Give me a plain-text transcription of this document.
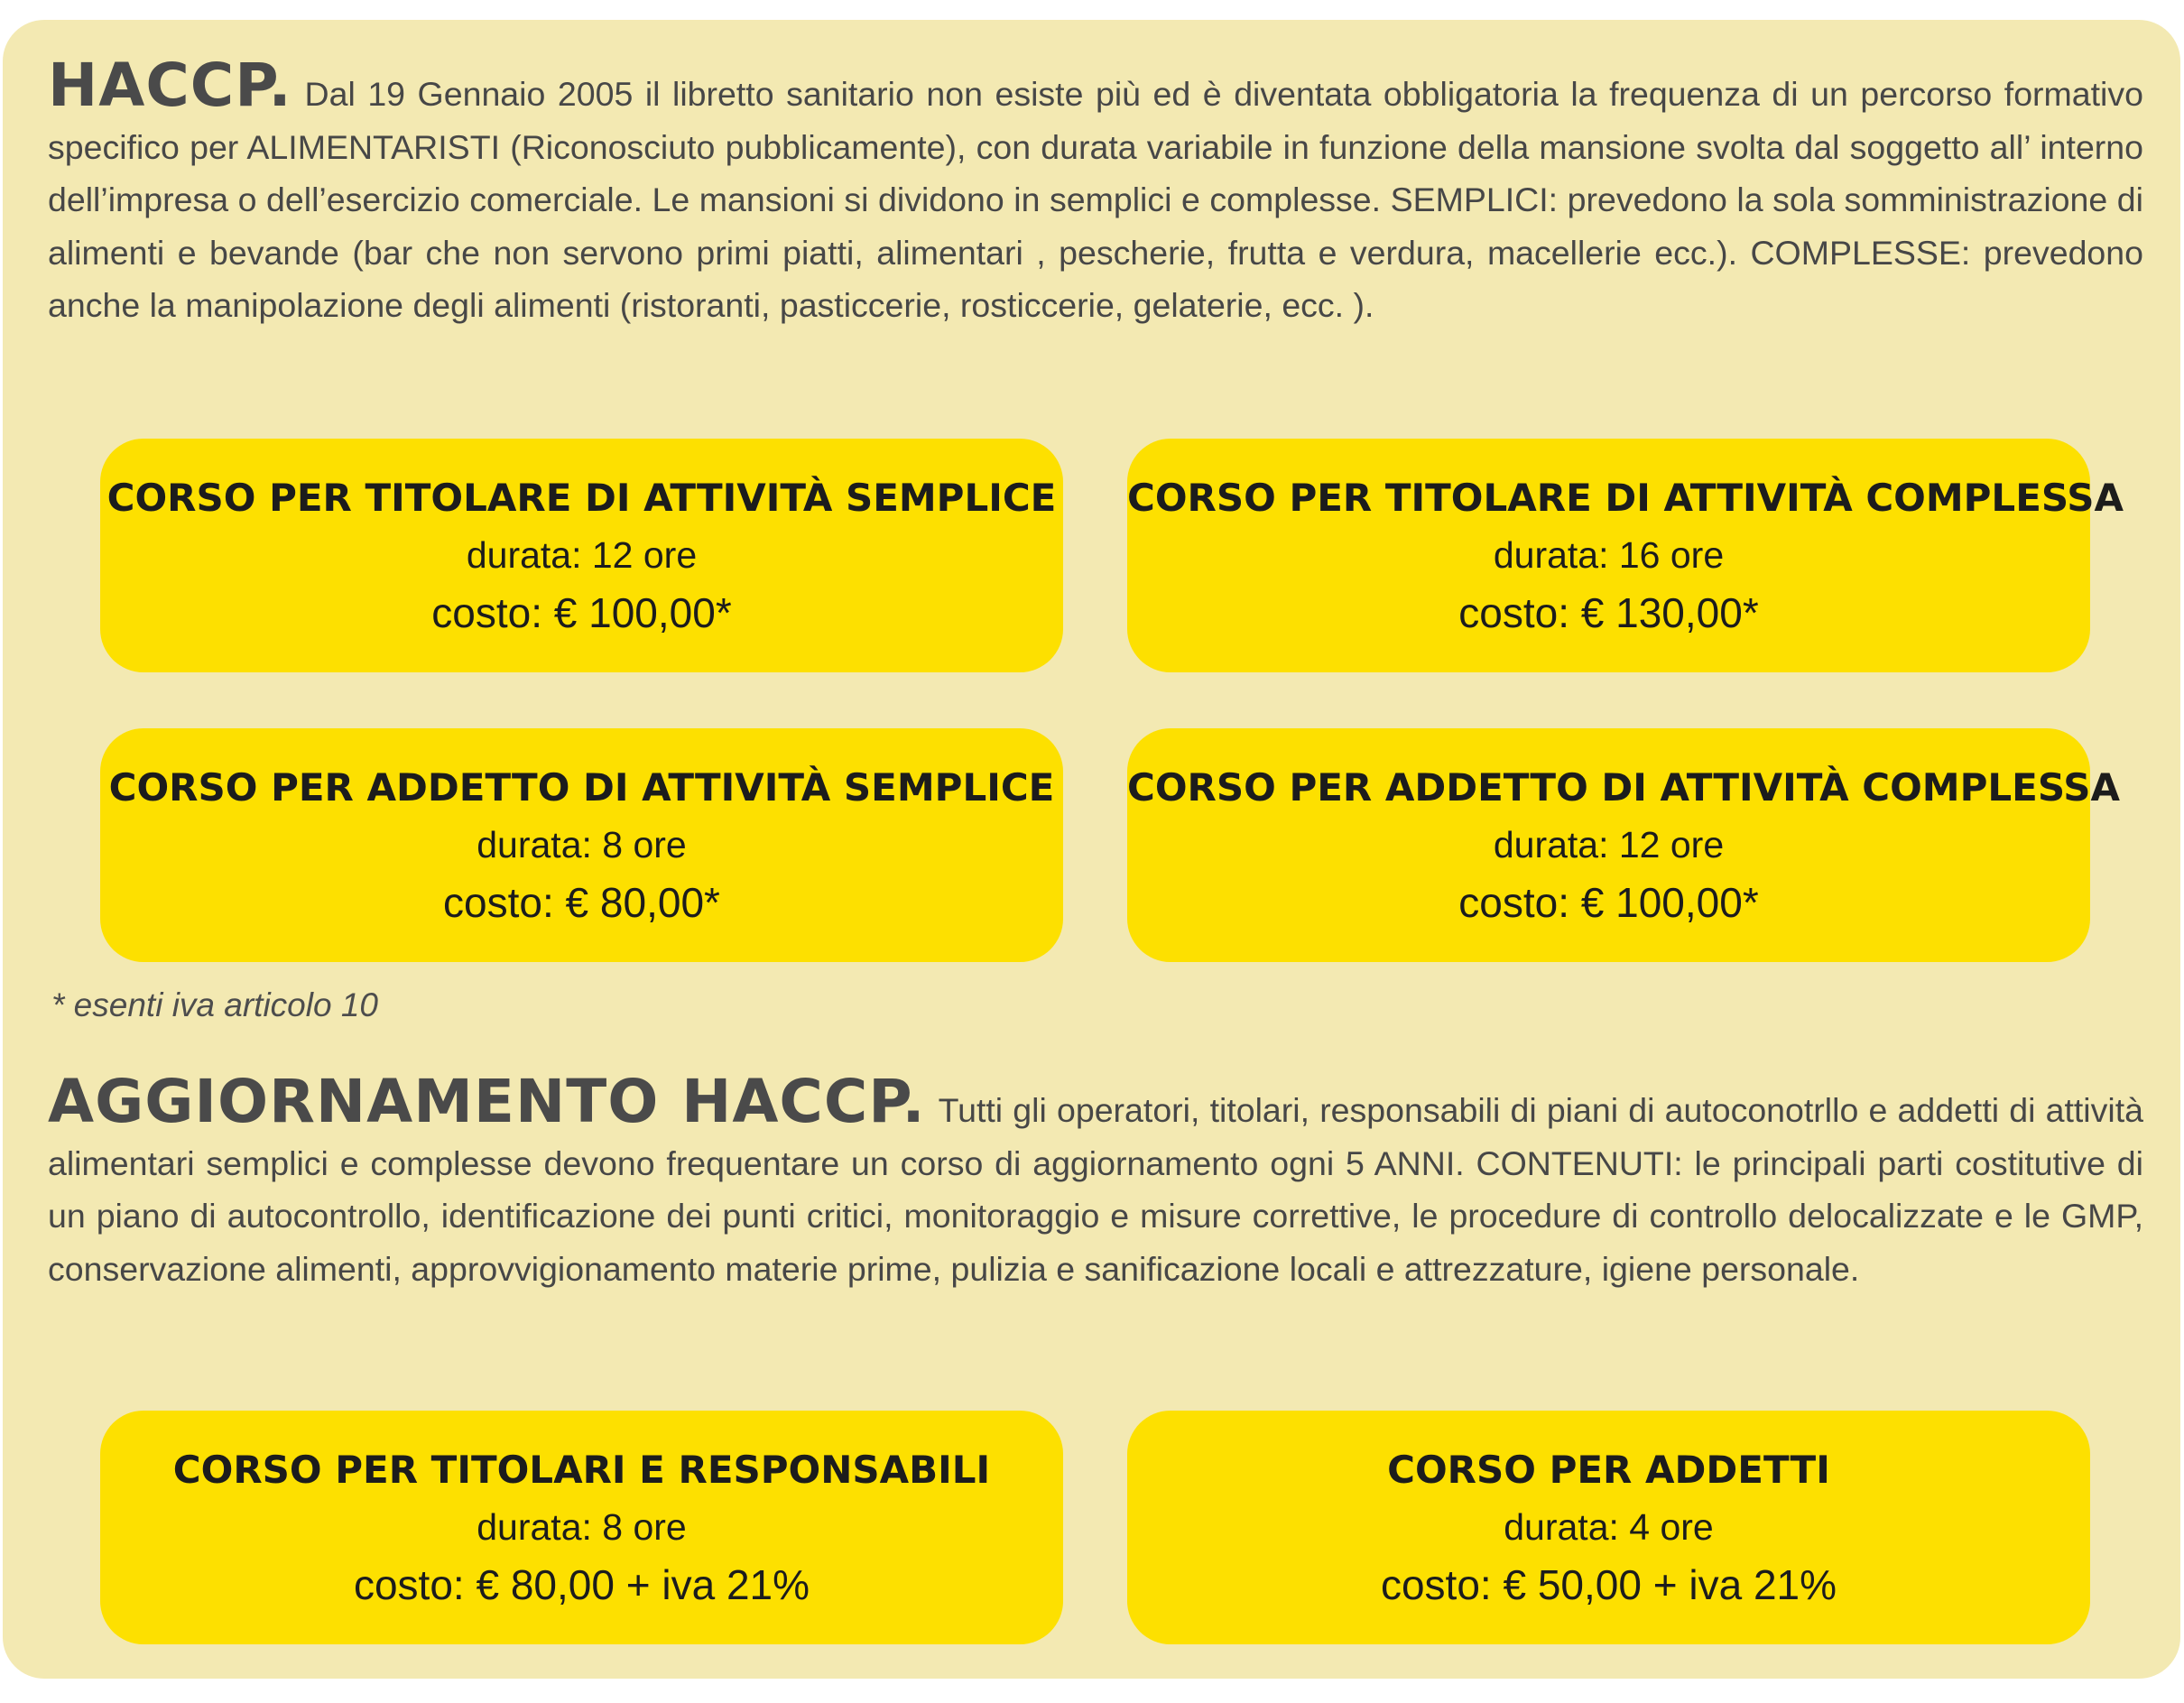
HACCP. Dal 19 Gennaio 2005 il libretto sanitario non esiste più ed è diventata obbligatoria la frequenza di un percorso formativo specifico per ALIMENTARISTI (Riconosciuto pubblicamente), con durata variabile in funzione della mansione svolta dal soggetto all’ interno dell’impresa o dell’esercizio comerciale. Le mansioni si dividono in semplici e complesse. SEMPLICI: prevedono la sola somministrazione di alimenti e bevande (bar che non servono primi piatti, alimentari , pescherie, frutta e verdura, macellerie ecc.). COMPLESSE: prevedono anche la manipolazione degli alimenti (ristoranti, pasticcerie, rosticcerie, gelaterie, ecc. ).

CORSO PER TITOLARE DI ATTIVITÀ SEMPLICE
durata: 12 ore
costo: € 100,00*
CORSO PER TITOLARE DI ATTIVITÀ COMPLESSA
durata: 16 ore
costo: € 130,00*
CORSO PER ADDETTO DI ATTIVITÀ SEMPLICE
durata: 8 ore
costo: € 80,00*
CORSO PER ADDETTO DI ATTIVITÀ COMPLESSA
durata: 12 ore
costo: € 100,00*
* esenti iva articolo 10

AGGIORNAMENTO HACCP. Tutti gli operatori, titolari, responsabili di piani di autoconotrllo e addetti di attività alimentari semplici e complesse devono frequentare un corso di aggiornamento ogni 5 ANNI. CONTENUTI: le principali parti costitutive di un piano di autocontrollo, identificazione dei punti critici, monitoraggio e misure correttive, le procedure di controllo delocalizzate e le GMP, conservazione alimenti, approvvigionamento materie prime, pulizia e sanificazione locali e attrezzature, igiene personale.

CORSO PER TITOLARI E RESPONSABILI
durata: 8 ore
costo: € 80,00 + iva 21%
CORSO PER ADDETTI
durata: 4 ore
costo: € 50,00 + iva 21%
